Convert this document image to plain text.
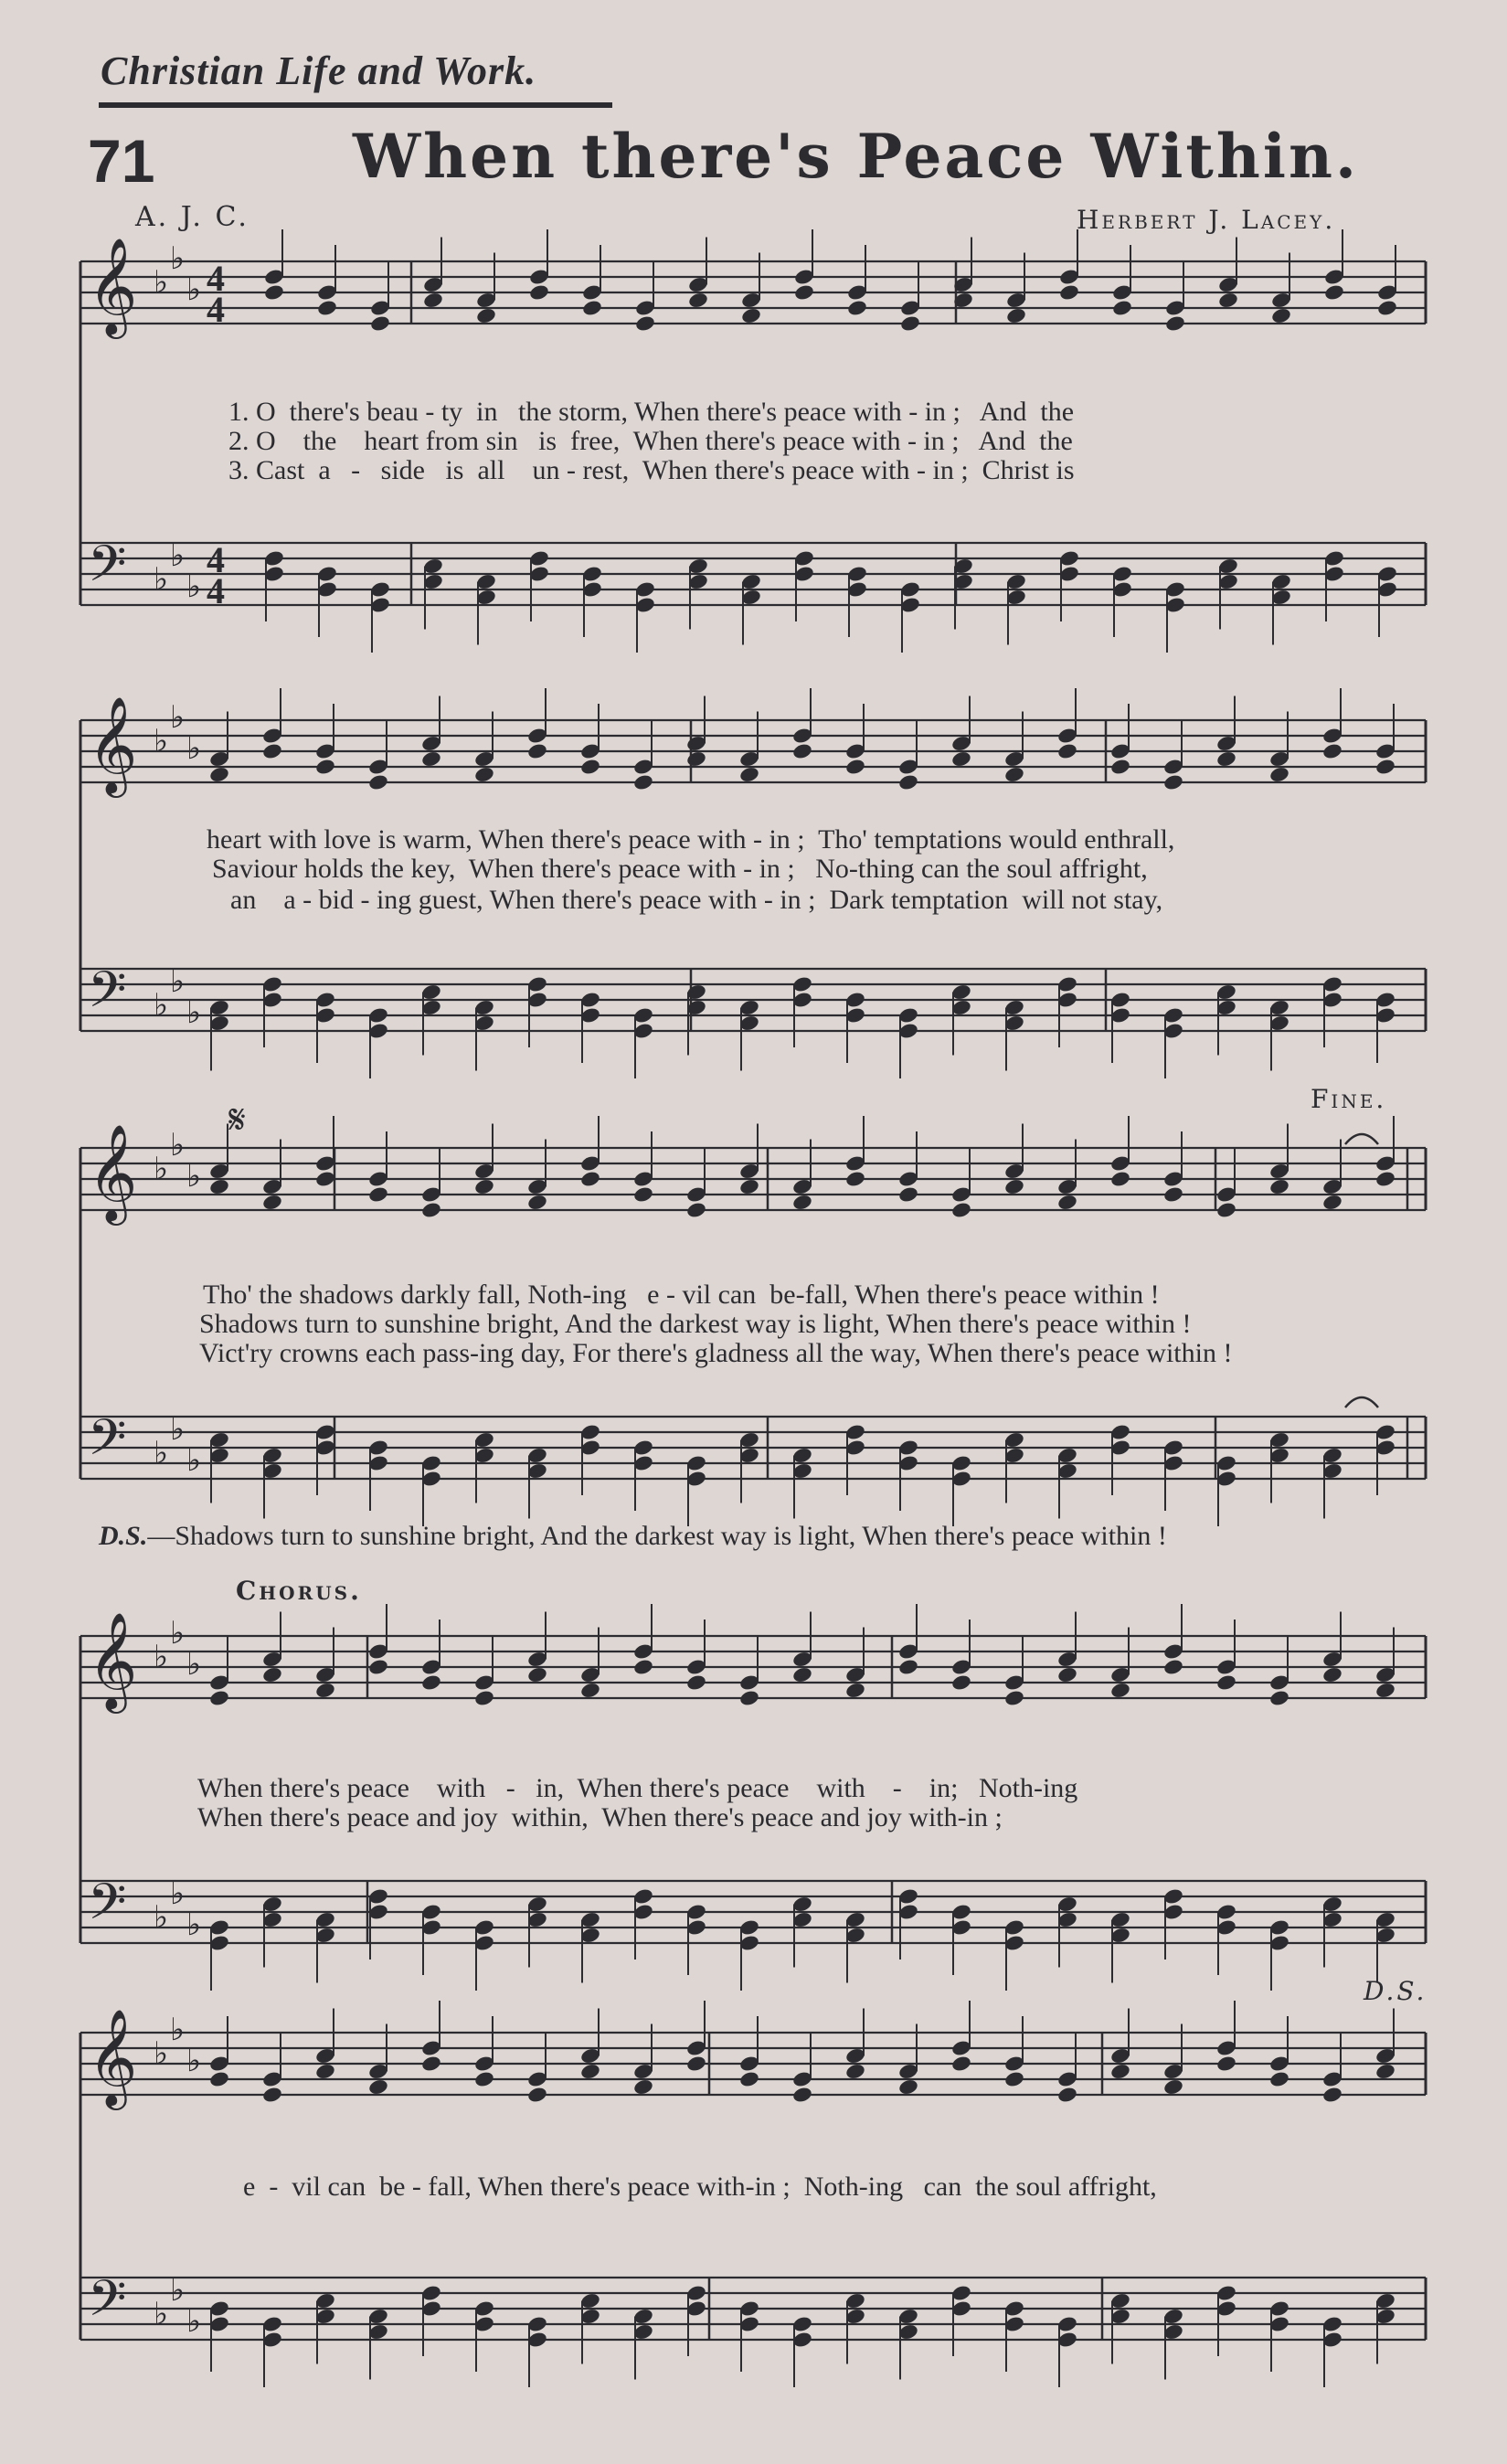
Christian Life and Work.
71	When there's Peace Within.
A. J. C.	Herbert J. Lacey.
𝄞 ♭
♭
♭
𝄢 ♭
♭
♭
𝄞 ♭
♭
♭
𝄢 ♭
♭
♭
𝄞 ♭
♭
♭
𝄢 ♭
♭
♭
𝄞 ♭
♭
♭
𝄢 ♭
♭
♭
𝄞 ♭
♭
♭
𝄢 ♭
♭
♭
4
4
4
4
Fine.
𝄋
Chorus.
D.S.
1. O  there's beau - ty  in   the storm, When there's peace with - in ;   And  the
2. O    the    heart from sin   is  free,  When there's peace with - in ;   And  the
3. Cast  a   -   side   is  all    un - rest,  When there's peace with - in ;  Christ is
heart with love is warm, When there's peace with - in ;  Tho' temptations would enthrall,
Saviour holds the key,  When there's peace with - in ;   No-thing can the soul affright,
an    a - bid - ing guest, When there's peace with - in ;  Dark temptation  will not stay,
Tho' the shadows darkly fall, Noth-ing   e - vil can  be-fall, When there's peace within !
Shadows turn to sunshine bright, And the darkest way is light, When there's peace within !
Vict'ry crowns each pass-ing day, For there's gladness all the way, When there's peace within !
D.S.—Shadows turn to sunshine bright, And the darkest way is light, When there's peace within !
When there's peace    with   -   in,  When there's peace    with    -    in;   Noth-ing
When there's peace and joy  within,  When there's peace and joy with-in ;
e  -  vil can  be - fall, When there's peace with-in ;  Noth-ing   can  the soul affright,
